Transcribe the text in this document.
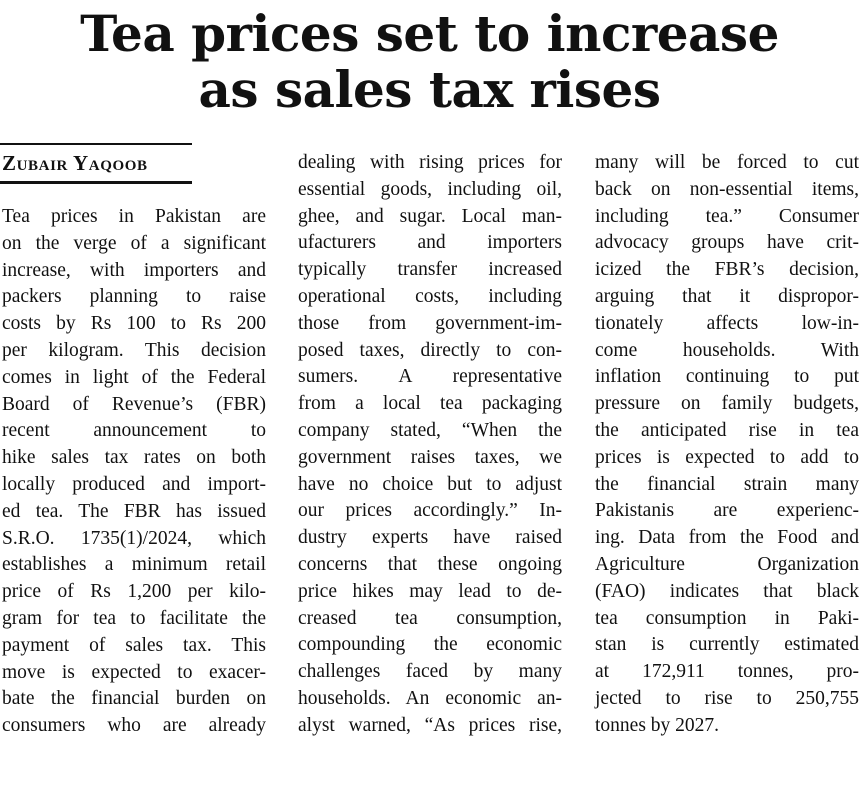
Tea prices set to increase
as sales tax rises
Zubair Yaqoob
Tea prices in Pakistan are
on the verge of a significant
increase, with importers and
packers planning to raise
costs by Rs 100 to Rs 200
per kilogram. This decision
comes in light of the Federal
Board of Revenue’s (FBR)
recent announcement to
hike sales tax rates on both
locally produced and import-
ed tea. The FBR has issued
S.R.O. 1735(1)/2024, which
establishes a minimum retail
price of Rs 1,200 per kilo-
gram for tea to facilitate the
payment of sales tax. This
move is expected to exacer-
bate the financial burden on
consumers who are already
dealing with rising prices for
essential goods, including oil,
ghee, and sugar. Local man-
ufacturers and importers
typically transfer increased
operational costs, including
those from government-im-
posed taxes, directly to con-
sumers. A representative
from a local tea packaging
company stated, “When the
government raises taxes, we
have no choice but to adjust
our prices accordingly.” In-
dustry experts have raised
concerns that these ongoing
price hikes may lead to de-
creased tea consumption,
compounding the economic
challenges faced by many
households. An economic an-
alyst warned, “As prices rise,
many will be forced to cut
back on non-essential items,
including tea.” Consumer
advocacy groups have crit-
icized the FBR’s decision,
arguing that it dispropor-
tionately affects low-in-
come households. With
inflation continuing to put
pressure on family budgets,
the anticipated rise in tea
prices is expected to add to
the financial strain many
Pakistanis are experienc-
ing. Data from the Food and
Agriculture Organization
(FAO) indicates that black
tea consumption in Paki-
stan is currently estimated
at 172,911 tonnes, pro-
jected to rise to 250,755
tonnes by 2027.
